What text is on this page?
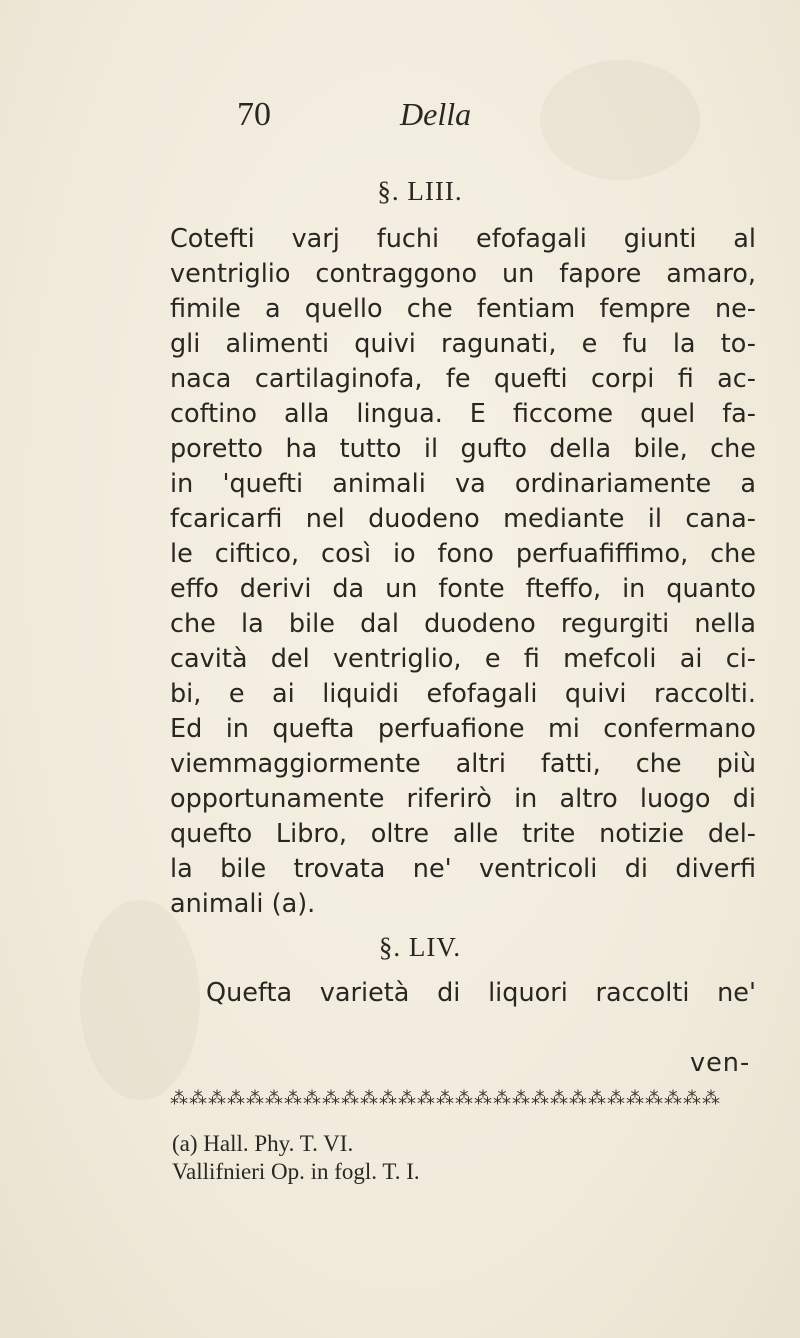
70	Della
§. LIII.
Cotefti varj fuchi efofagali giunti al
ventriglio contraggono un fapore amaro,
fimile a quello che fentiam fempre ne-
gli alimenti quivi ragunati, e fu la to-
naca cartilaginofa, fe quefti corpi fi ac-
coftino alla lingua. E ficcome quel fa-
poretto ha tutto il gufto della bile, che
in 'quefti animali va ordinariamente a
fcaricarfi nel duodeno mediante il cana-
le ciftico, così io fono perfuafiffimo, che
effo derivi da un fonte fteffo, in quanto
che la bile dal duodeno regurgiti nella
cavità del ventriglio, e fi mefcoli ai ci-
bi, e ai liquidi efofagali quivi raccolti.
Ed in quefta perfuafione mi confermano
viemmaggiormente altri fatti, che più
opportunamente riferirò in altro luogo di
quefto Libro, oltre alle trite notizie del-
la bile trovata ne' ventricoli di diverfi
animali (a).
§. LIV.
Quefta varietà di liquori raccolti ne'
ven-
⁂⁂⁂⁂⁂⁂⁂⁂⁂⁂⁂⁂⁂⁂⁂⁂⁂⁂⁂⁂⁂⁂⁂⁂⁂⁂⁂⁂⁂
(a) Hall. Phy. T. VI.
Vallifnieri Op. in fogl. T. I.
